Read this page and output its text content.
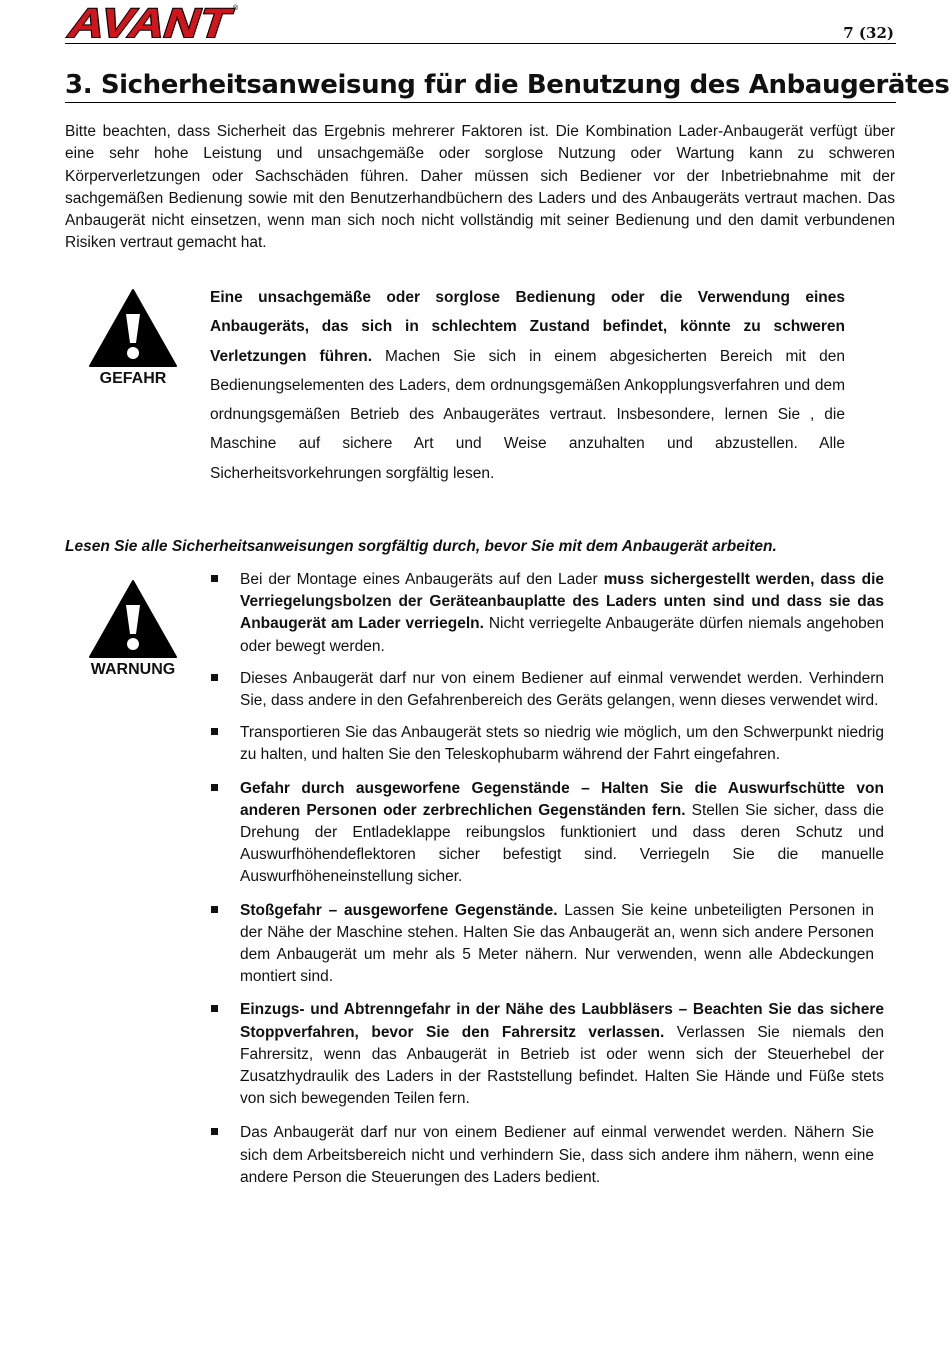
AVANT	®
7 (32)
3. Sicherheitsanweisung für die Benutzung des Anbaugerätes

Bitte beachten, dass Sicherheit das Ergebnis mehrerer Faktoren ist. Die Kombination Lader-Anbaugerät verfügt über eine sehr hohe Leistung und unsachgemäße oder sorglose Nutzung oder Wartung kann zu schweren Körperverletzungen oder Sachschäden führen. Daher müssen sich Bediener vor der Inbetriebnahme mit der sachgemäßen Bedienung sowie mit den Benutzerhandbüchern des Laders und des Anbaugeräts vertraut machen. Das Anbaugerät nicht einsetzen, wenn man sich noch nicht vollständig mit seiner Bedienung und den damit verbundenen Risiken vertraut gemacht hat.

GEFAHR

Eine unsachgemäße oder sorglose Bedienung oder die Verwendung eines Anbaugeräts, das sich in schlechtem Zustand befindet, könnte zu schweren Verletzungen führen. Machen Sie sich in einem abgesicherten Bereich mit den Bedienungselementen des Laders, dem ordnungsgemäßen Ankopplungsverfahren und dem ordnungsgemäßen Betrieb des Anbaugerätes vertraut. Insbesondere, lernen Sie , die Maschine auf sichere Art und Weise anzuhalten und abzustellen. Alle Sicherheitsvorkehrungen sorgfältig lesen.

Lesen Sie alle Sicherheitsanweisungen sorgfältig durch, bevor Sie mit dem Anbaugerät arbeiten.

WARNUNG
Bei der Montage eines Anbaugeräts auf den Lader muss sichergestellt werden, dass die Verriegelungsbolzen der Geräteanbauplatte des Laders unten sind und dass sie das Anbaugerät am Lader verriegeln. Nicht verriegelte Anbaugeräte dürfen niemals angehoben oder bewegt werden.
Dieses Anbaugerät darf nur von einem Bediener auf einmal verwendet werden. Verhindern Sie, dass andere in den Gefahrenbereich des Geräts gelangen, wenn dieses verwendet wird.
Transportieren Sie das Anbaugerät stets so niedrig wie möglich, um den Schwerpunkt niedrig zu halten, und halten Sie den Teleskophubarm während der Fahrt eingefahren.
Gefahr durch ausgeworfene Gegenstände – Halten Sie die Auswurfschütte von anderen Personen oder zerbrechlichen Gegenständen fern. Stellen Sie sicher, dass die Drehung der Entladeklappe reibungslos funktioniert und dass deren Schutz und Auswurfhöhendeflektoren sicher befestigt sind. Verriegeln Sie die manuelle Auswurfhöheneinstellung sicher.
Stoßgefahr – ausgeworfene Gegenstände. Lassen Sie keine unbeteiligten Personen in der Nähe der Maschine stehen. Halten Sie das Anbaugerät an, wenn sich andere Personen dem Anbaugerät um mehr als 5 Meter nähern. Nur verwenden, wenn alle Abdeckungen montiert sind.
Einzugs- und Abtrenngefahr in der Nähe des Laubbläsers – Beachten Sie das sichere Stoppverfahren, bevor Sie den Fahrersitz verlassen. Verlassen Sie niemals den Fahrersitz, wenn das Anbaugerät in Betrieb ist oder wenn sich der Steuerhebel der Zusatzhydraulik des Laders in der Raststellung befindet. Halten Sie Hände und Füße stets von sich bewegenden Teilen fern.
Das Anbaugerät darf nur von einem Bediener auf einmal verwendet werden. Nähern Sie sich dem Arbeitsbereich nicht und verhindern Sie, dass sich andere ihm nähern, wenn eine andere Person die Steuerungen des Laders bedient.
